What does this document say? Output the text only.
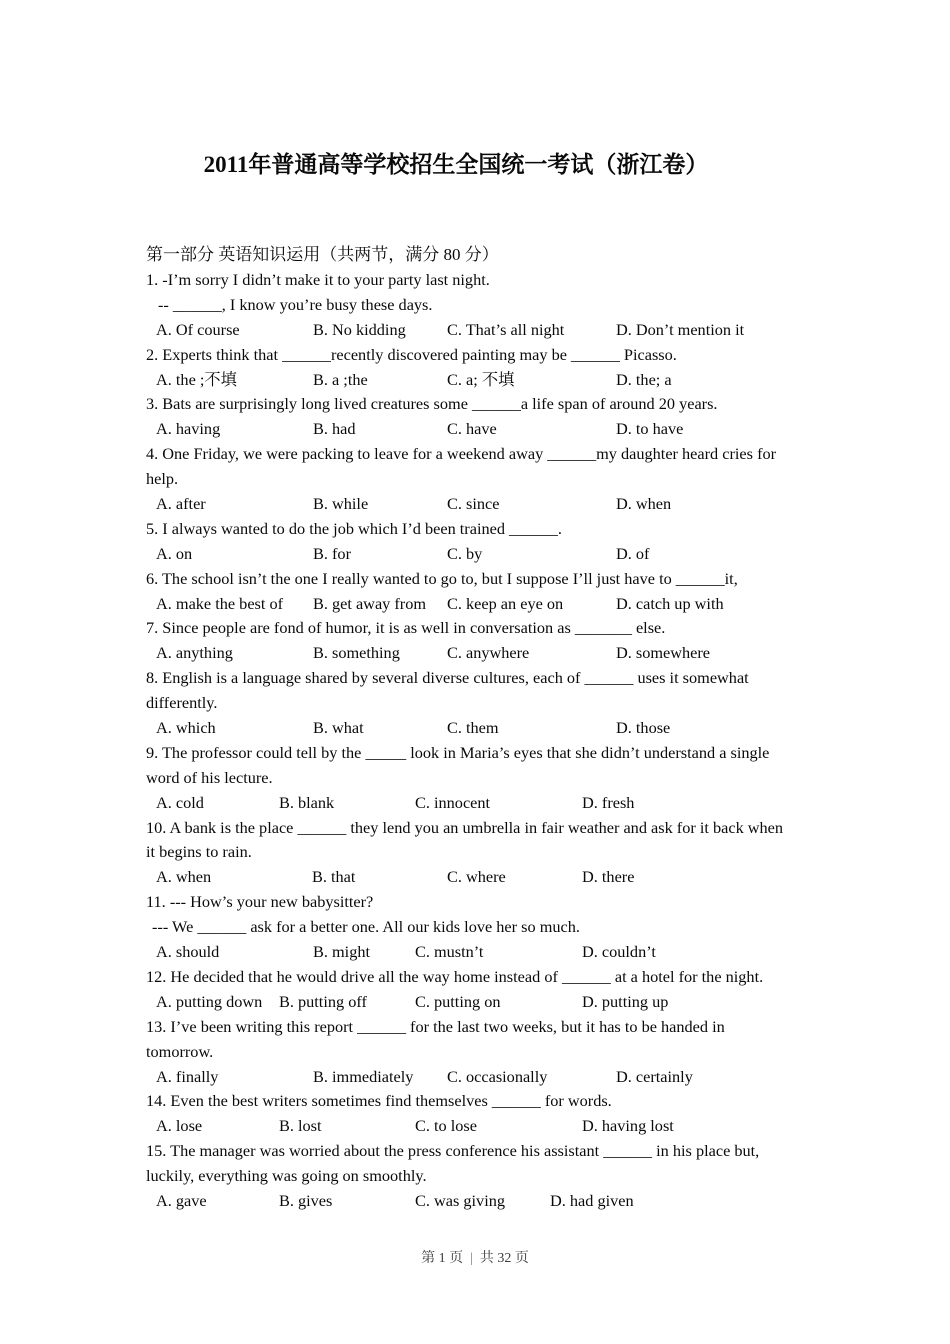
2011年普通高等学校招生全国统一考试（浙江卷）
第一部分 英语知识运用（共两节，满分 80 分）
1. -I’m sorry I didn’t make it to your party last night.
-- ______, I know you’re busy these days.
A. Of course	B. No kidding	C. That’s all night	D. Don’t mention it
2. Experts think that ______recently discovered painting may be ______ Picasso.
A. the ;不填	B. a ;the	C. a; 不填	D. the; a
3. Bats are surprisingly long lived creatures some ______a life span of around 20 years.
A. having	B. had	C. have	D. to have
4. One Friday, we were packing to leave for a weekend away ______my daughter heard cries for
help.
A. after	B. while	C. since	D. when
5. I always wanted to do the job which I’d been trained ______.
A. on	B. for	C. by	D. of
6. The school isn’t the one I really wanted to go to, but I suppose I’ll just have to ______it,
A. make the best of B. get away from C. keep an eye on	D. catch up with
7. Since people are fond of humor, it is as well in conversation as _______ else.
A. anything	B. something	C. anywhere	D. somewhere
8. English is a language shared by several diverse cultures, each of ______ uses it somewhat
differently.
A. which	B. what	C. them	D. those
9. The professor could tell by the _____ look in Maria’s eyes that she didn’t understand a single
word of his lecture.
A. cold	B. blank	C. innocent	D. fresh
10. A bank is the place ______ they lend you an umbrella in fair weather and ask for it back when
it begins to rain.
A. when	B. that	C. where	D. there
11. --- How’s your new babysitter?
--- We ______ ask for a better one. All our kids love her so much.
A. should	B. might	C. mustn’t	D. couldn’t
12. He decided that he would drive all the way home instead of ______ at a hotel for the night.
A. putting down B. putting off	C. putting on	D. putting up
13. I’ve been writing this report ______ for the last two weeks, but it has to be handed in
tomorrow.
A. finally	B. immediately C. occasionally	D. certainly
14. Even the best writers sometimes find themselves ______ for words.
A. lose	B. lost	C. to lose	D. having lost
15. The manager was worried about the press conference his assistant ______ in his place but,
luckily, everything was going on smoothly.
A. gave	B. gives	C. was giving	D. had given
第 1 页 | 共 32 页
